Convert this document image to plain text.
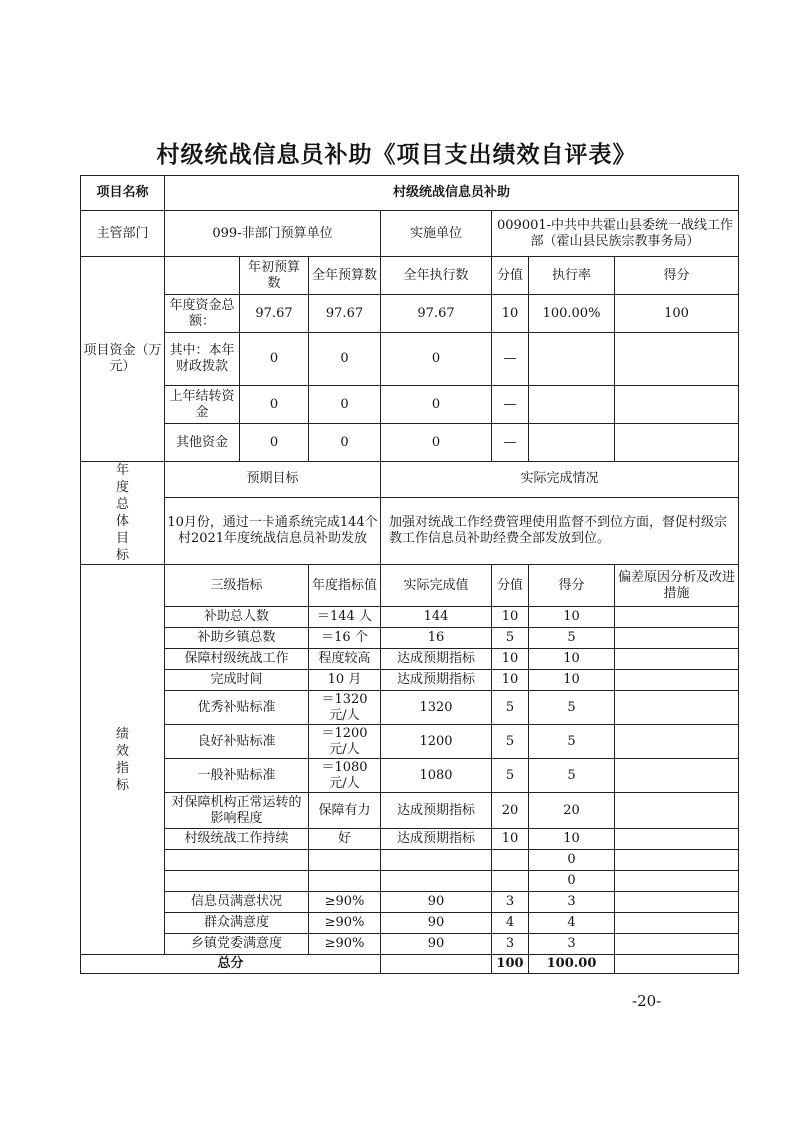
村级统战信息员补助《项目支出绩效自评表》
项目名称	村级统战信息员补助						
主管部门	099-非部门预算单位			实施单位	009001-中共中共霍山县委统一战线工作部（霍山县民族宗教事务局）		
项目资金（万元）		年初预算数	全年预算数	全年执行数	分值	执行率	得分
	年度资金总额：	97.67	97.67	97.67	10	100.00%	100
	其中：本年财政拨款	0	0	0	—		
	上年结转资金	0	0	0	—		
	其他资金	0	0	0	—		
年度总体目标	预期目标			实际完成情况			
	10月份，通过一卡通系统完成144个村2021年度统战信息员补助发放			加强对统战工作经费管理使用监督不到位方面，督促村级宗教工作信息员补助经费全部发放到位。			
绩效指标	三级指标		年度指标值	实际完成值	分值	得分	偏差原因分析及改进措施
	补助总人数		＝144 人	144	10	10	
	补助乡镇总数		＝16 个	16	5	5	
	保障村级统战工作		程度较高	达成预期指标	10	10	
	完成时间		10 月	达成预期指标	10	10	
	优秀补贴标准		＝1320 元/人	1320	5	5	
	良好补贴标准		＝1200 元/人	1200	5	5	
	一般补贴标准		＝1080 元/人	1080	5	5	
	对保障机构正常运转的影响程度		保障有力	达成预期指标	20	20	
	村级统战工作持续		好	达成预期指标	10	10	
						0	
						0	
	信息员满意状况		≥90%	90	3	3	
	群众满意度		≥90%	90	4	4	
	乡镇党委满意度		≥90%	90	3	3	
总分					100	100.00	
-20-
